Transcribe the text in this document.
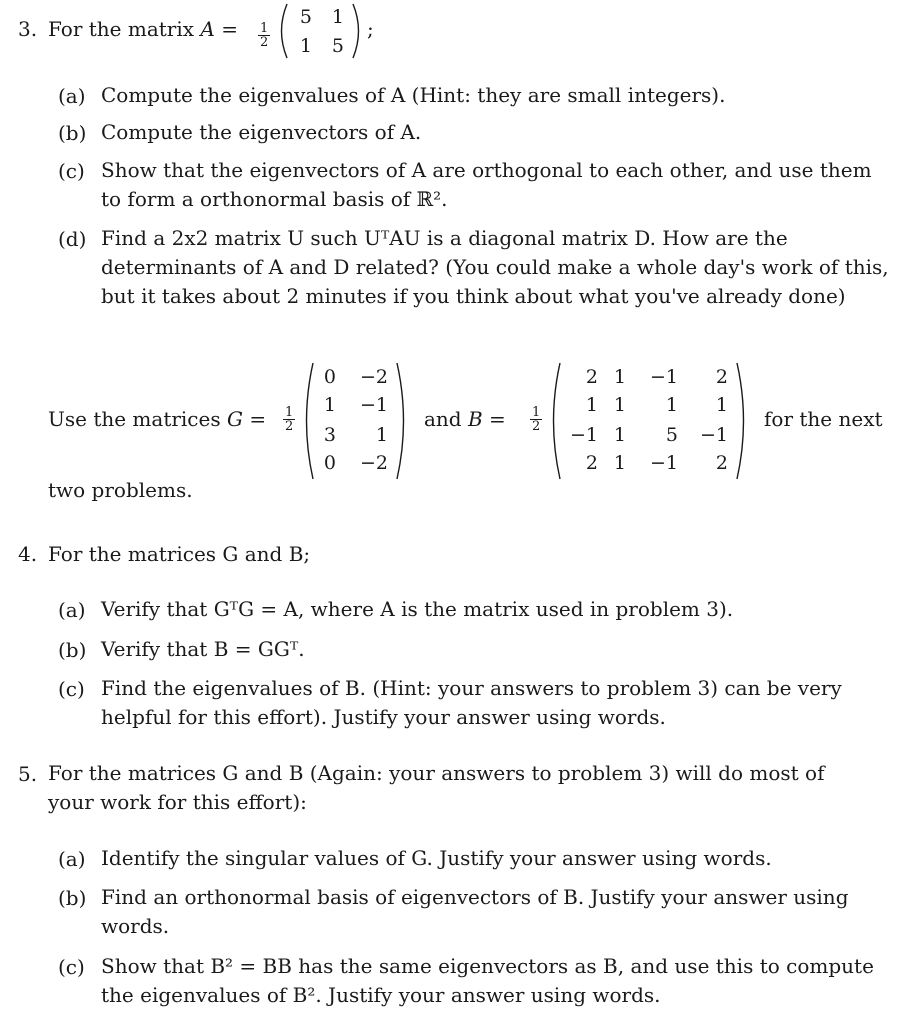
3. For the matrix $A = \frac{1}{2}$
5 1
1 5
;
(a) Compute the eigenvalues of A (Hint: they are small integers).
(b) Compute the eigenvectors of A.
(c) Show that the eigenvectors of A are orthogonal to each other, and use them to form a orthonormal basis of ℝ².
(d) Find a 2x2 matrix U such UᵀAU is a diagonal matrix D. How are the determinants of A and D related? (You could make a whole day's work of this, but it takes about 2 minutes if you think about what you've already done)
Use the matrices $G = \frac{1}{2}$
0	−2
1	−1
3	1
0	−2
and $B = \frac{1}{2}$
2 1	−1	2
1 1	1	1
−1 1	5	−1
2 1	−1	2
for the next
two problems.
4. For the matrices G and B;
(a) Verify that GᵀG = A, where A is the matrix used in problem 3).
(b) Verify that B = GGᵀ.
(c) Find the eigenvalues of B. (Hint: your answers to problem 3) can be very helpful for this effort). Justify your answer using words.
5. For the matrices G and B (Again: your answers to problem 3) will do most of your work for this effort):
(a) Identify the singular values of G. Justify your answer using words.
(b) Find an orthonormal basis of eigenvectors of B. Justify your answer using words.
(c) Show that B² = BB has the same eigenvectors as B, and use this to compute the eigenvalues of B². Justify your answer using words.
